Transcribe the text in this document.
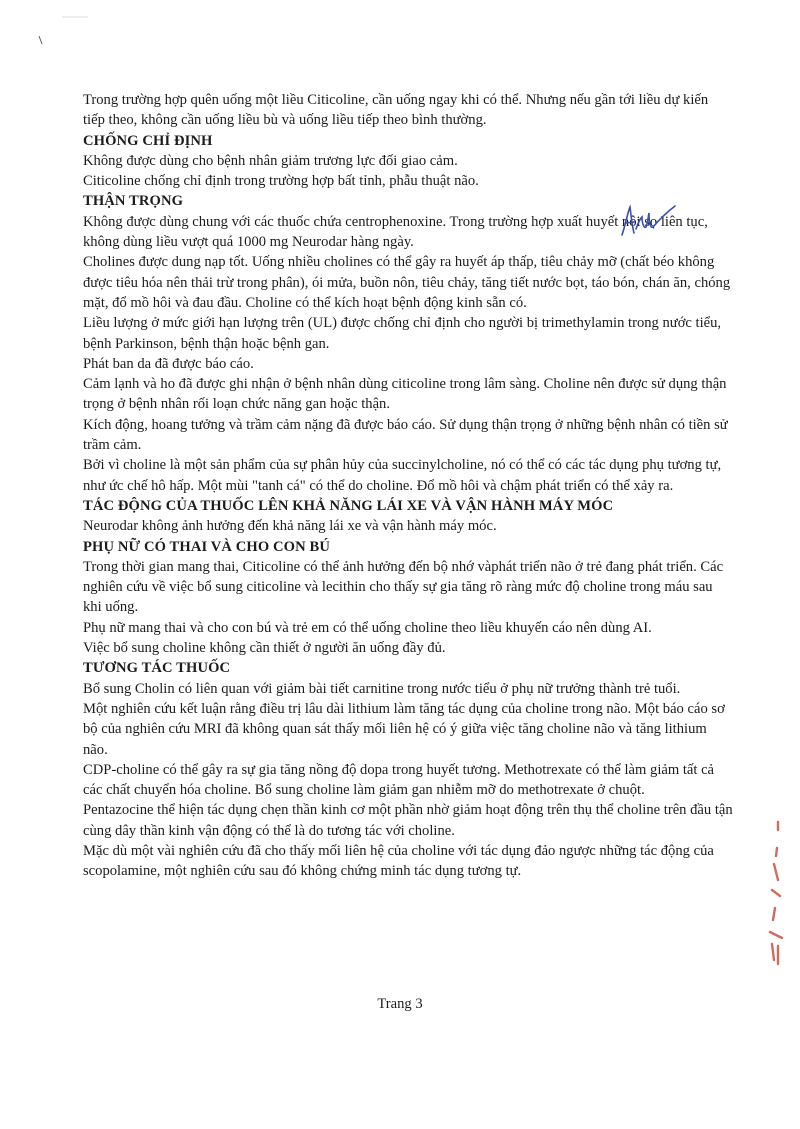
Trong trường hợp quên uống một liều Citicoline, cần uống ngay khi có thể. Nhưng nếu gần tới liều dự kiến tiếp theo, không cần uống liều bù và uống liều tiếp theo bình thường.

CHỐNG CHỈ ĐỊNH

Không được dùng cho bệnh nhân giảm trương lực đối giao cảm.

Citicoline chống chỉ định trong trường hợp bất tỉnh, phẫu thuật não.

THẬN TRỌNG

Không được dùng chung với các thuốc chứa centrophenoxine. Trong trường hợp xuất huyết nội sọ liên tục, không dùng liều vượt quá 1000 mg Neurodar hàng ngày.

Cholines được dung nạp tốt. Uống nhiều cholines có thể gây ra huyết áp thấp, tiêu chảy mỡ (chất béo không được tiêu hóa nên thải trừ trong phân), ói mửa, buồn nôn, tiêu chảy, tăng tiết nước bọt, táo bón, chán ăn, chóng mặt, đổ mồ hôi và đau đầu. Choline có thể kích hoạt bệnh động kinh sẵn có.

Liều lượng ở mức giới hạn lượng trên (UL) được chống chỉ định cho người bị trimethylamin trong nước tiểu, bệnh Parkinson, bệnh thận hoặc bệnh gan.

Phát ban da đã được báo cáo.

Cảm lạnh và ho đã được ghi nhận ở bệnh nhân dùng citicoline trong lâm sàng. Choline nên được sử dụng thận trọng ở bệnh nhân rối loạn chức năng gan hoặc thận.

Kích động, hoang tưởng và trầm cảm nặng đã được báo cáo. Sử dụng thận trọng ở những bệnh nhân có tiền sử trầm cảm.

Bởi vì choline là một sản phẩm của sự phân hủy của succinylcholine, nó có thể có các tác dụng phụ tương tự, như ức chế hô hấp. Một mùi "tanh cá" có thể do choline. Đổ mồ hôi và chậm phát triển có thể xảy ra.

TÁC ĐỘNG CỦA THUỐC LÊN KHẢ NĂNG LÁI XE VÀ VẬN HÀNH MÁY MÓC

Neurodar không ảnh hưởng đến khả năng lái xe và vận hành máy móc.

PHỤ NỮ CÓ THAI VÀ CHO CON BÚ

Trong thời gian mang thai, Citicoline có thể ảnh hưởng đến bộ nhớ vàphát triển não ở trẻ đang phát triển. Các nghiên cứu về việc bổ sung citicoline và lecithin cho thấy sự gia tăng rõ ràng mức độ choline trong máu sau khi uống.

Phụ nữ mang thai và cho con bú và trẻ em có thể uống choline theo liều khuyến cáo nên dùng AI.

Việc bổ sung choline không cần thiết ở người ăn uống đầy đủ.

TƯƠNG TÁC THUỐC

Bổ sung Cholin có liên quan với giảm bài tiết carnitine trong nước tiểu ở phụ nữ trưởng thành trẻ tuổi.

Một nghiên cứu kết luận rằng điều trị lâu dài lithium làm tăng tác dụng của choline trong não. Một báo cáo sơ bộ của nghiên cứu MRI đã không quan sát thấy mối liên hệ có ý giữa việc tăng choline não và tăng lithium não.

CDP-choline có thể gây ra sự gia tăng nồng độ dopa trong huyết tương. Methotrexate có thể làm giảm tất cả các chất chuyển hóa choline. Bổ sung choline làm giảm gan nhiễm mỡ do methotrexate ở chuột.

Pentazocine thể hiện tác dụng chẹn thần kinh cơ một phần nhờ giảm hoạt động trên thụ thể choline trên đầu tận cùng dây thần kinh vận động có thể là do tương tác với choline.

Mặc dù một vài nghiên cứu đã cho thấy mối liên hệ của choline với tác dụng đảo ngược những tác động của scopolamine, một nghiên cứu sau đó không chứng minh tác dụng tương tự.

Trang 3
